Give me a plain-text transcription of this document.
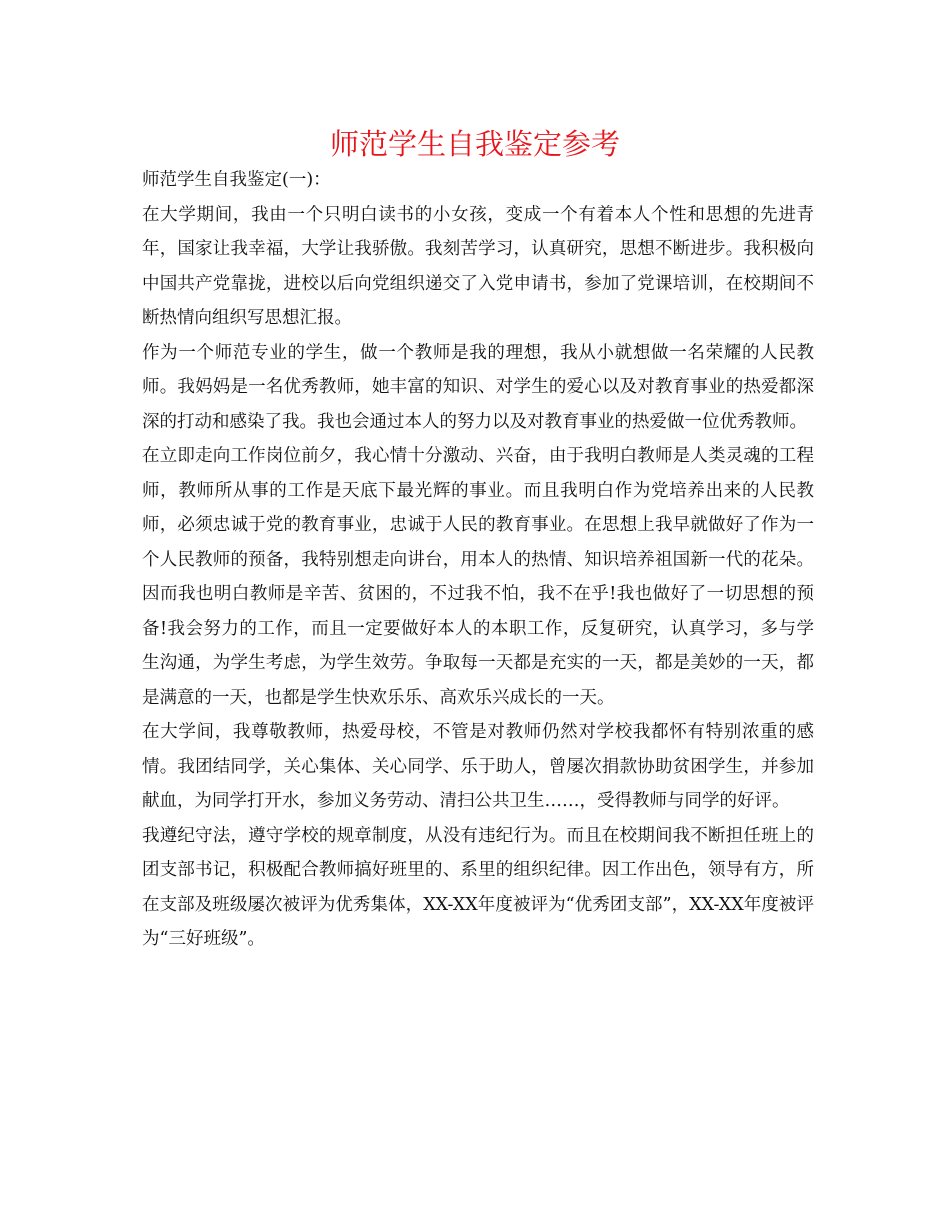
师范学生自我鉴定参考

师范学生自我鉴定(一)：

在大学期间，我由一个只明白读书的小女孩，变成一个有着本人个性和思想的先进青年，国家让我幸福，大学让我骄傲。我刻苦学习，认真研究，思想不断进步。我积极向中国共产党靠拢，进校以后向党组织递交了入党申请书，参加了党课培训，在校期间不断热情向组织写思想汇报。

作为一个师范专业的学生，做一个教师是我的理想，我从小就想做一名荣耀的人民教师。我妈妈是一名优秀教师，她丰富的知识、对学生的爱心以及对教育事业的热爱都深深的打动和感染了我。我也会通过本人的努力以及对教育事业的热爱做一位优秀教师。

在立即走向工作岗位前夕，我心情十分激动、兴奋，由于我明白教师是人类灵魂的工程师，教师所从事的工作是天底下最光辉的事业。而且我明白作为党培养出来的人民教师，必须忠诚于党的教育事业，忠诚于人民的教育事业。在思想上我早就做好了作为一个人民教师的预备，我特别想走向讲台，用本人的热情、知识培养祖国新一代的花朵。因而我也明白教师是辛苦、贫困的，不过我不怕，我不在乎!我也做好了一切思想的预备!我会努力的工作，而且一定要做好本人的本职工作，反复研究，认真学习，多与学生沟通，为学生考虑，为学生效劳。争取每一天都是充实的一天，都是美妙的一天，都是满意的一天，也都是学生快欢乐乐、高欢乐兴成长的一天。

在大学间，我尊敬教师，热爱母校，不管是对教师仍然对学校我都怀有特别浓重的感情。我团结同学，关心集体、关心同学、乐于助人，曾屡次捐款协助贫困学生，并参加献血，为同学打开水，参加义务劳动、清扫公共卫生……，受得教师与同学的好评。

我遵纪守法，遵守学校的规章制度，从没有违纪行为。而且在校期间我不断担任班上的团支部书记，积极配合教师搞好班里的、系里的组织纪律。因工作出色，领导有方，所在支部及班级屡次被评为优秀集体，XX-XX年度被评为“优秀团支部”，XX-XX年度被评为“三好班级”。
